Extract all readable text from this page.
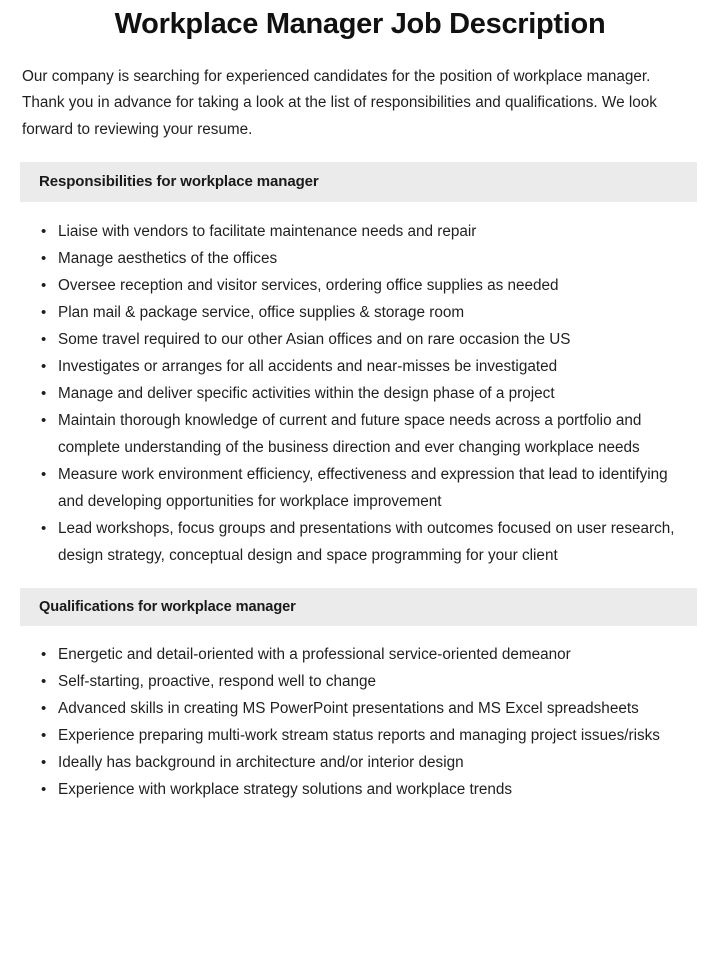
Workplace Manager Job Description

Our company is searching for experienced candidates for the position of workplace manager. Thank you in advance for taking a look at the list of responsibilities and qualifications. We look forward to reviewing your resume.

Responsibilities for workplace manager
• Liaise with vendors to facilitate maintenance needs and repair
• Manage aesthetics of the offices
• Oversee reception and visitor services, ordering office supplies as needed
• Plan mail & package service, office supplies & storage room
• Some travel required to our other Asian offices and on rare occasion the US
• Investigates or arranges for all accidents and near-misses be investigated
• Manage and deliver specific activities within the design phase of a project
• Maintain thorough knowledge of current and future space needs across a portfolio and complete understanding of the business direction and ever changing workplace needs
• Measure work environment efficiency, effectiveness and expression that lead to identifying and developing opportunities for workplace improvement
• Lead workshops, focus groups and presentations with outcomes focused on user research, design strategy, conceptual design and space programming for your client
Qualifications for workplace manager
• Energetic and detail-oriented with a professional service-oriented demeanor
• Self-starting, proactive, respond well to change
• Advanced skills in creating MS PowerPoint presentations and MS Excel spreadsheets
• Experience preparing multi-work stream status reports and managing project issues/risks
• Ideally has background in architecture and/or interior design
• Experience with workplace strategy solutions and workplace trends
